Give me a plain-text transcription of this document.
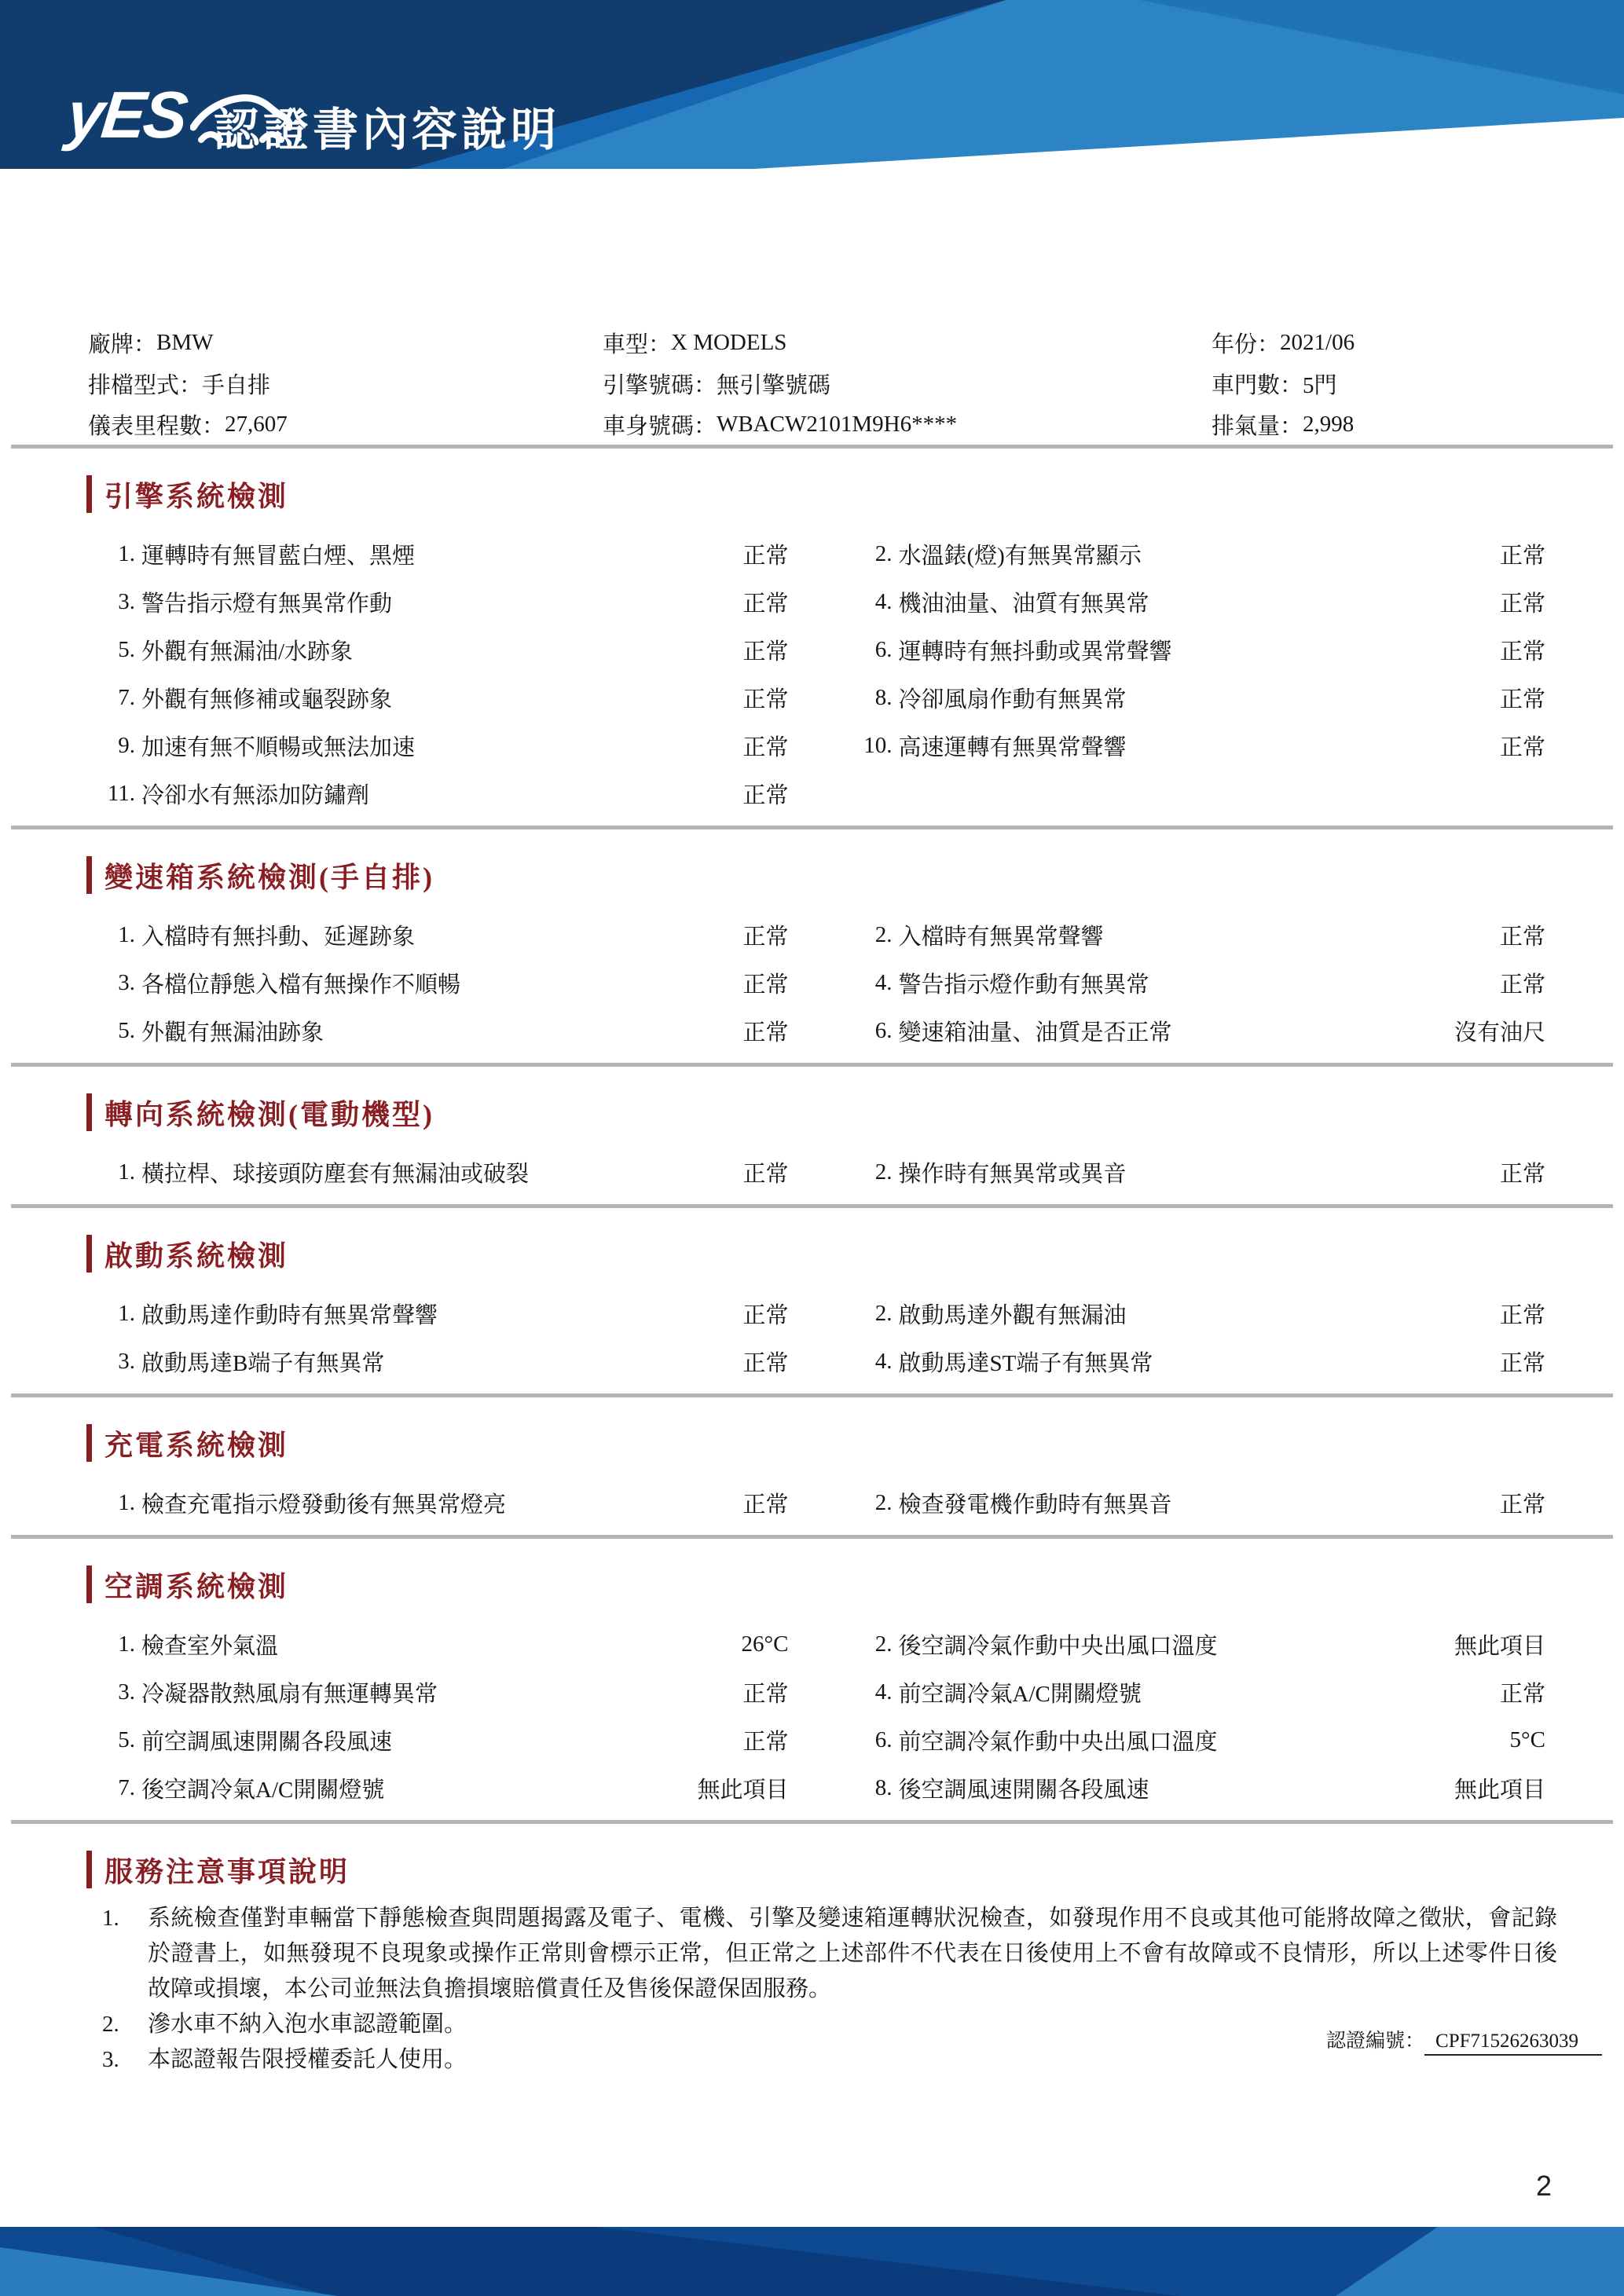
yES 認證書內容說明
廠牌： BMW
排檔型式： 手自排
儀表里程數： 27,607
車型： X MODELS
引擎號碼： 無引擎號碼
車身號碼： WBACW2101M9H6****
年份： 2021/06
車門數： 5門
排氣量： 2,998
引擎系統檢測
1. 運轉時有無冒藍白煙、黑煙	正常	2. 水溫錶(燈)有無異常顯示	正常
3. 警告指示燈有無異常作動	正常	4. 機油油量、油質有無異常	正常
5. 外觀有無漏油/水跡象	正常	6. 運轉時有無抖動或異常聲響	正常
7. 外觀有無修補或龜裂跡象	正常	8. 冷卻風扇作動有無異常	正常
9. 加速有無不順暢或無法加速	正常	10. 高速運轉有無異常聲響	正常
11. 冷卻水有無添加防鏽劑	正常
變速箱系統檢測(手自排)
1. 入檔時有無抖動、延遲跡象	正常	2. 入檔時有無異常聲響	正常
3. 各檔位靜態入檔有無操作不順暢	正常	4. 警告指示燈作動有無異常	正常
5. 外觀有無漏油跡象	正常	6. 變速箱油量、油質是否正常	沒有油尺
轉向系統檢測(電動機型)
1. 橫拉桿、球接頭防塵套有無漏油或破裂	正常	2. 操作時有無異常或異音	正常
啟動系統檢測
1. 啟動馬達作動時有無異常聲響	正常	2. 啟動馬達外觀有無漏油	正常
3. 啟動馬達B端子有無異常	正常	4. 啟動馬達ST端子有無異常	正常
充電系統檢測
1. 檢查充電指示燈發動後有無異常燈亮	正常	2. 檢查發電機作動時有無異音	正常
空調系統檢測
1. 檢查室外氣溫	26°C	2. 後空調冷氣作動中央出風口溫度	無此項目
3. 冷凝器散熱風扇有無運轉異常	正常	4. 前空調冷氣A/C開關燈號	正常
5. 前空調風速開關各段風速	正常	6. 前空調冷氣作動中央出風口溫度	5°C
7. 後空調冷氣A/C開關燈號	無此項目	8. 後空調風速開關各段風速	無此項目
服務注意事項說明
1.	系統檢查僅對車輛當下靜態檢查與問題揭露及電子、電機、引擎及變速箱運轉狀況檢查，如發現作用不良或其他可能將故障之徵狀，會記錄於證書上，如無發現不良現象或操作正常則會標示正常，但正常之上述部件不代表在日後使用上不會有故障或不良情形，所以上述零件日後故障或損壞，本公司並無法負擔損壞賠償責任及售後保證保固服務。
2.	滲水車不納入泡水車認證範圍。
3.	本認證報告限授權委託人使用。
認證編號： CPF71526263039
2
